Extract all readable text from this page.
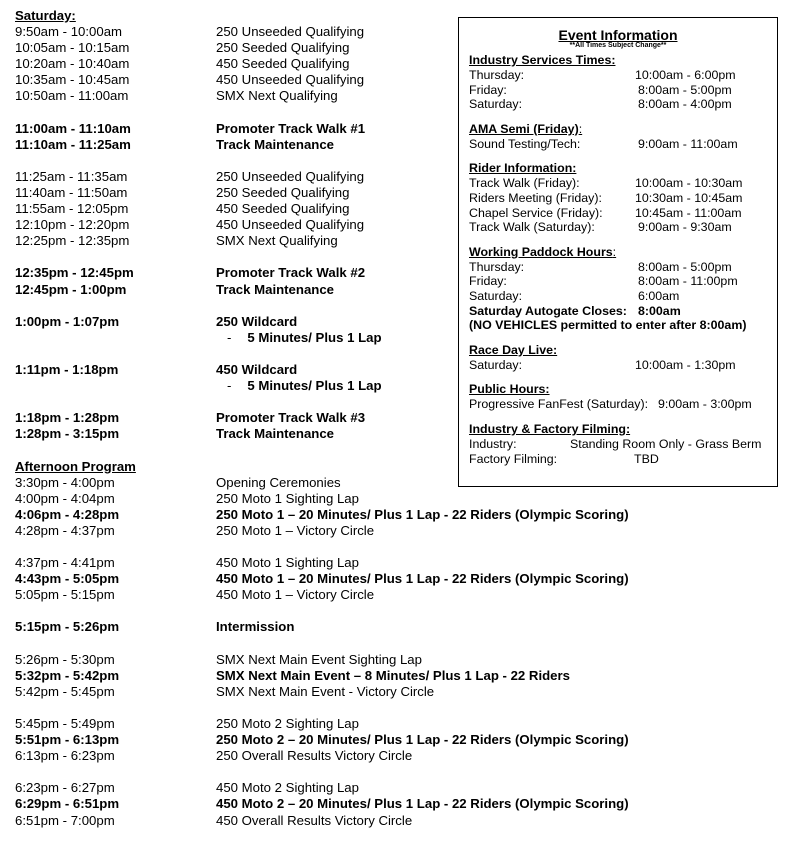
Saturday:
9:50am - 10:00am	250 Unseeded Qualifying
10:05am - 10:15am	250 Seeded Qualifying
10:20am - 10:40am	450 Seeded Qualifying
10:35am - 10:45am	450 Unseeded Qualifying
10:50am - 11:00am	SMX Next Qualifying
11:00am - 11:10am	Promoter Track Walk #1
11:10am - 11:25am	Track Maintenance
11:25am - 11:35am	250 Unseeded Qualifying
11:40am - 11:50am	250 Seeded Qualifying
11:55am - 12:05pm	450 Seeded Qualifying
12:10pm - 12:20pm	450 Unseeded Qualifying
12:25pm - 12:35pm	SMX Next Qualifying
12:35pm - 12:45pm	Promoter Track Walk #2
12:45pm - 1:00pm	Track Maintenance
1:00pm - 1:07pm	250 Wildcard
- 5 Minutes/ Plus 1 Lap
1:11pm - 1:18pm	450 Wildcard
- 5 Minutes/ Plus 1 Lap
1:18pm - 1:28pm	Promoter Track Walk #3
1:28pm - 3:15pm	Track Maintenance
Afternoon Program
3:30pm - 4:00pm	Opening Ceremonies
4:00pm - 4:04pm	250 Moto 1 Sighting Lap
4:06pm - 4:28pm	250 Moto 1 – 20 Minutes/ Plus 1 Lap - 22 Riders (Olympic Scoring)
4:28pm - 4:37pm	250 Moto 1 – Victory Circle
4:37pm - 4:41pm	450 Moto 1 Sighting Lap
4:43pm - 5:05pm	450 Moto 1 – 20 Minutes/ Plus 1 Lap - 22 Riders (Olympic Scoring)
5:05pm - 5:15pm	450 Moto 1 – Victory Circle
5:15pm - 5:26pm	Intermission
5:26pm - 5:30pm	SMX Next Main Event Sighting Lap
5:32pm - 5:42pm	SMX Next Main Event – 8 Minutes/ Plus 1 Lap - 22 Riders
5:42pm - 5:45pm	SMX Next Main Event - Victory Circle
5:45pm - 5:49pm	250 Moto 2 Sighting Lap
5:51pm - 6:13pm	250 Moto 2 – 20 Minutes/ Plus 1 Lap - 22 Riders (Olympic Scoring)
6:13pm - 6:23pm	250 Overall Results Victory Circle
6:23pm - 6:27pm	450 Moto 2 Sighting Lap
6:29pm - 6:51pm	450 Moto 2 – 20 Minutes/ Plus 1 Lap - 22 Riders (Olympic Scoring)
6:51pm - 7:00pm	450 Overall Results Victory Circle
Event Information
**All Times Subject Change**
Industry Services Times:
Thursday:	10:00am - 6:00pm
Friday:	8:00am - 5:00pm
Saturday:	8:00am - 4:00pm
AMA Semi (Friday):
Sound Testing/Tech:	9:00am - 11:00am
Rider Information:
Track Walk (Friday):	10:00am - 10:30am
Riders Meeting (Friday):	10:30am - 10:45am
Chapel Service (Friday):	10:45am - 11:00am
Track Walk (Saturday):	9:00am - 9:30am
Working Paddock Hours:
Thursday:	8:00am - 5:00pm
Friday:	8:00am - 11:00pm
Saturday:	6:00am
Saturday Autogate Closes: 8:00am
(NO VEHICLES permitted to enter after 8:00am)
Race Day Live:
Saturday:	10:00am - 1:30pm
Public Hours:
Progressive FanFest (Saturday): 9:00am - 3:00pm
Industry & Factory Filming:
Industry:	Standing Room Only - Grass Berm
Factory Filming:	TBD
